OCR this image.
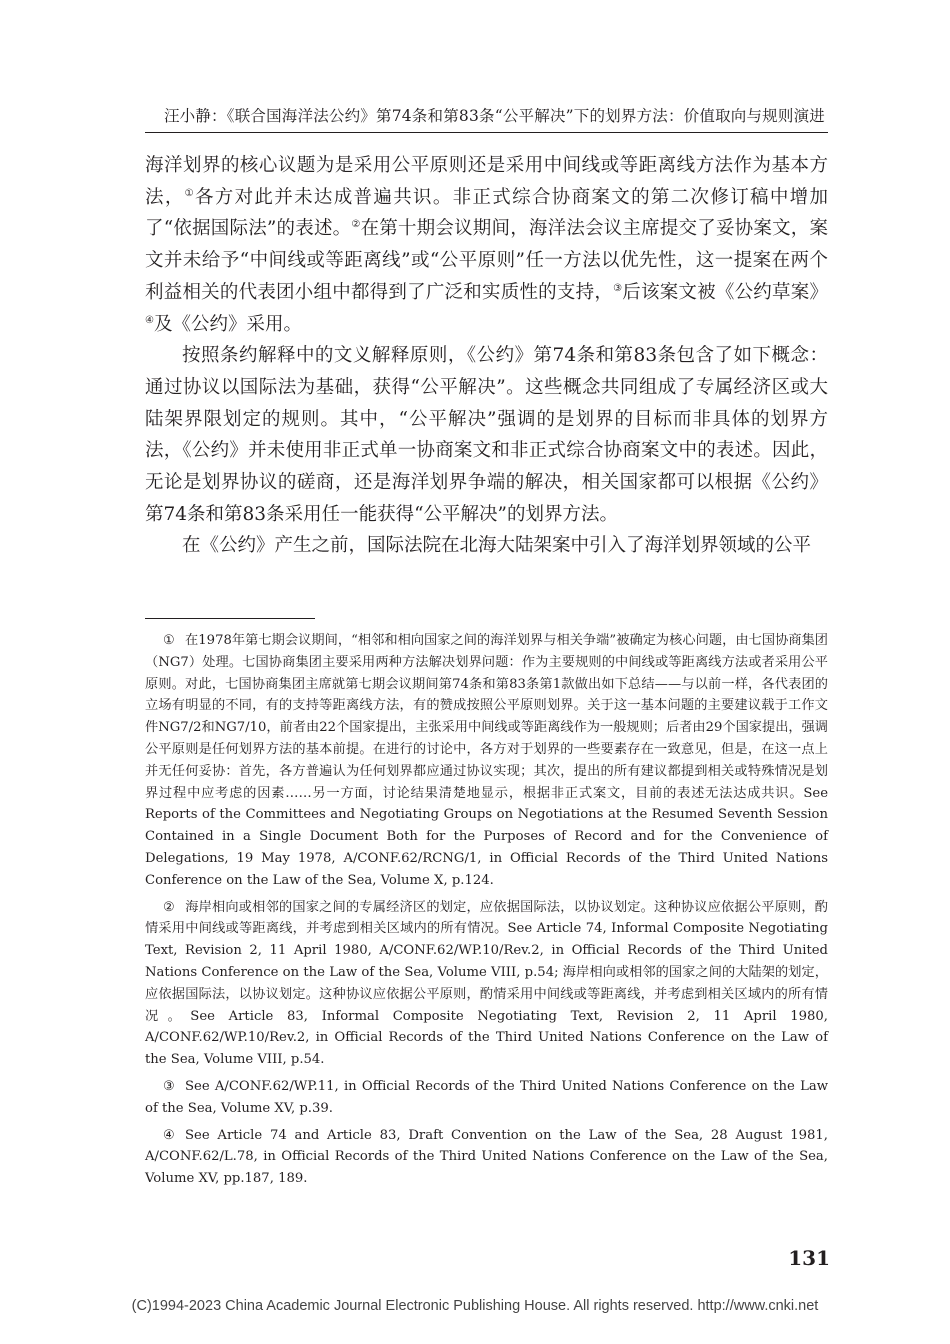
汪小静：《联合国海洋法公约》第74条和第83条“公平解决”下的划界方法：价值取向与规则演进

海洋划界的核心议题为是采用公平原则还是采用中间线或等距离线方法作为基本方法，①各方对此并未达成普遍共识。非正式综合协商案文的第二次修订稿中增加了“依据国际法”的表述。②在第十期会议期间，海洋法会议主席提交了妥协案文，案文并未给予“中间线或等距离线”或“公平原则”任一方法以优先性，这一提案在两个利益相关的代表团小组中都得到了广泛和实质性的支持，③后该案文被《公约草案》④及《公约》采用。

按照条约解释中的文义解释原则，《公约》第74条和第83条包含了如下概念：通过协议以国际法为基础，获得“公平解决”。这些概念共同组成了专属经济区或大陆架界限划定的规则。其中，“公平解决”强调的是划界的目标而非具体的划界方法，《公约》并未使用非正式单一协商案文和非正式综合协商案文中的表述。因此，无论是划界协议的磋商，还是海洋划界争端的解决，相关国家都可以根据《公约》第74条和第83条采用任一能获得“公平解决”的划界方法。

在《公约》产生之前，国际法院在北海大陆架案中引入了海洋划界领域的公平

① 在1978年第七期会议期间，“相邻和相向国家之间的海洋划界与相关争端”被确定为核心问题，由七国协商集团（NG7）处理。七国协商集团主要采用两种方法解决划界问题：作为主要规则的中间线或等距离线方法或者采用公平原则。对此，七国协商集团主席就第七期会议期间第74条和第83条第1款做出如下总结——与以前一样，各代表团的立场有明显的不同，有的支持等距离线方法，有的赞成按照公平原则划界。关于这一基本问题的主要建议载于工作文件NG7/2和NG7/10，前者由22个国家提出，主张采用中间线或等距离线作为一般规则；后者由29个国家提出，强调公平原则是任何划界方法的基本前提。在进行的讨论中，各方对于划界的一些要素存在一致意见，但是，在这一点上并无任何妥协：首先，各方普遍认为任何划界都应通过协议实现；其次，提出的所有建议都提到相关或特殊情况是划界过程中应考虑的因素……另一方面，讨论结果清楚地显示，根据非正式案文，目前的表述无法达成共识。See Reports of the Committees and Negotiating Groups on Negotiations at the Resumed Seventh Session Contained in a Single Document Both for the Purposes of Record and for the Convenience of Delegations, 19 May 1978, A/CONF.62/RCNG/1, in Official Records of the Third United Nations Conference on the Law of the Sea, Volume X, p.124.

② 海岸相向或相邻的国家之间的专属经济区的划定，应依据国际法，以协议划定。这种协议应依据公平原则，酌情采用中间线或等距离线，并考虑到相关区域内的所有情况。See Article 74, Informal Composite Negotiating Text, Revision 2, 11 April 1980, A/CONF.62/WP.10/Rev.2, in Official Records of the Third United Nations Conference on the Law of the Sea, Volume VIII, p.54; 海岸相向或相邻的国家之间的大陆架的划定，应依据国际法，以协议划定。这种协议应依据公平原则，酌情采用中间线或等距离线，并考虑到相关区域内的所有情况。See Article 83, Informal Composite Negotiating Text, Revision 2, 11 April 1980, A/CONF.62/WP.10/Rev.2, in Official Records of the Third United Nations Conference on the Law of the Sea, Volume VIII, p.54.

③ See A/CONF.62/WP.11, in Official Records of the Third United Nations Conference on the Law of the Sea, Volume XV, p.39.

④ See Article 74 and Article 83, Draft Convention on the Law of the Sea, 28 August 1981, A/CONF.62/L.78, in Official Records of the Third United Nations Conference on the Law of the Sea, Volume XV, pp.187, 189.

131
(C)1994-2023 China Academic Journal Electronic Publishing House. All rights reserved. http://www.cnki.net
